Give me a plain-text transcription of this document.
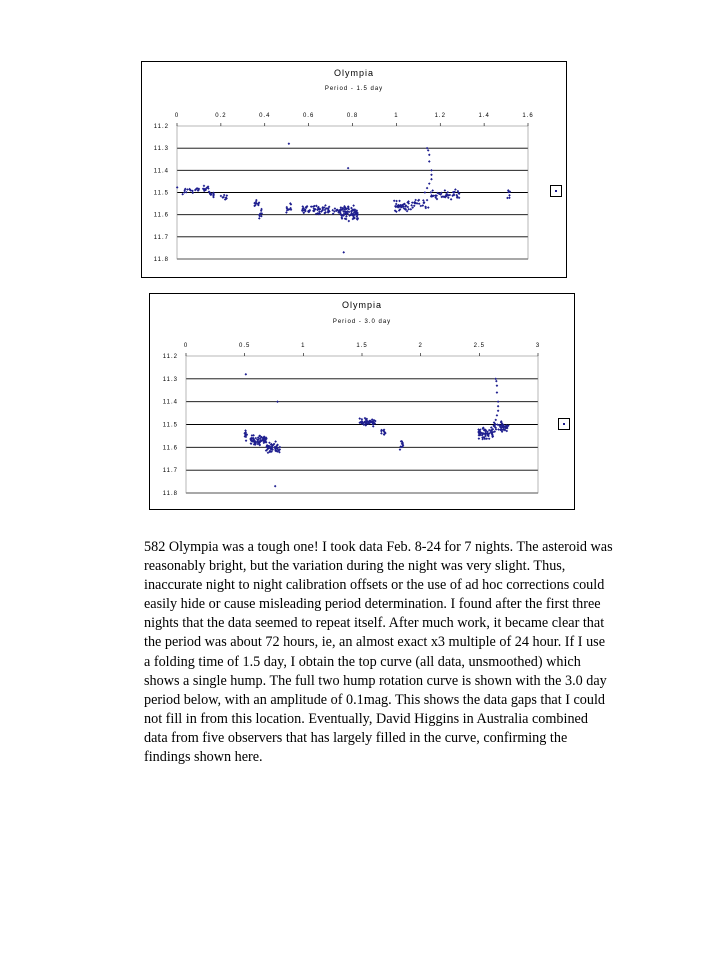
Olympia
Period - 1.5 day
11.2
11.3
11.4
11.5
11.6
11.7
11.8
0	0.2	0.4	0.6	0.8	1	1.2	1.4	1.6
Olympia
Period - 3.0 day
11.2
11.3
11.4
11.5
11.6
11.7
11.8
0	0.5	1	1.5	2	2.5	3
582 Olympia was a tough one! I took data Feb. 8-24 for 7 nights. The asteroid was reasonably bright, but the variation during the night was very slight. Thus, inaccurate night to night calibration offsets or the use of ad hoc corrections could easily hide or cause misleading period determination. I found after the first three nights that the data seemed to repeat itself. After much work, it became clear that the period was about 72 hours, ie, an almost exact x3 multiple of 24 hour. If I use a folding time of 1.5 day, I obtain the top curve (all data, unsmoothed) which shows a single hump. The full two hump rotation curve is shown with the 3.0 day period below, with an amplitude of 0.1mag. This shows the data gaps that I could not fill in from this location. Eventually, David Higgins in Australia combined data from five observers that has largely filled in the curve, confirming the findings shown here.
